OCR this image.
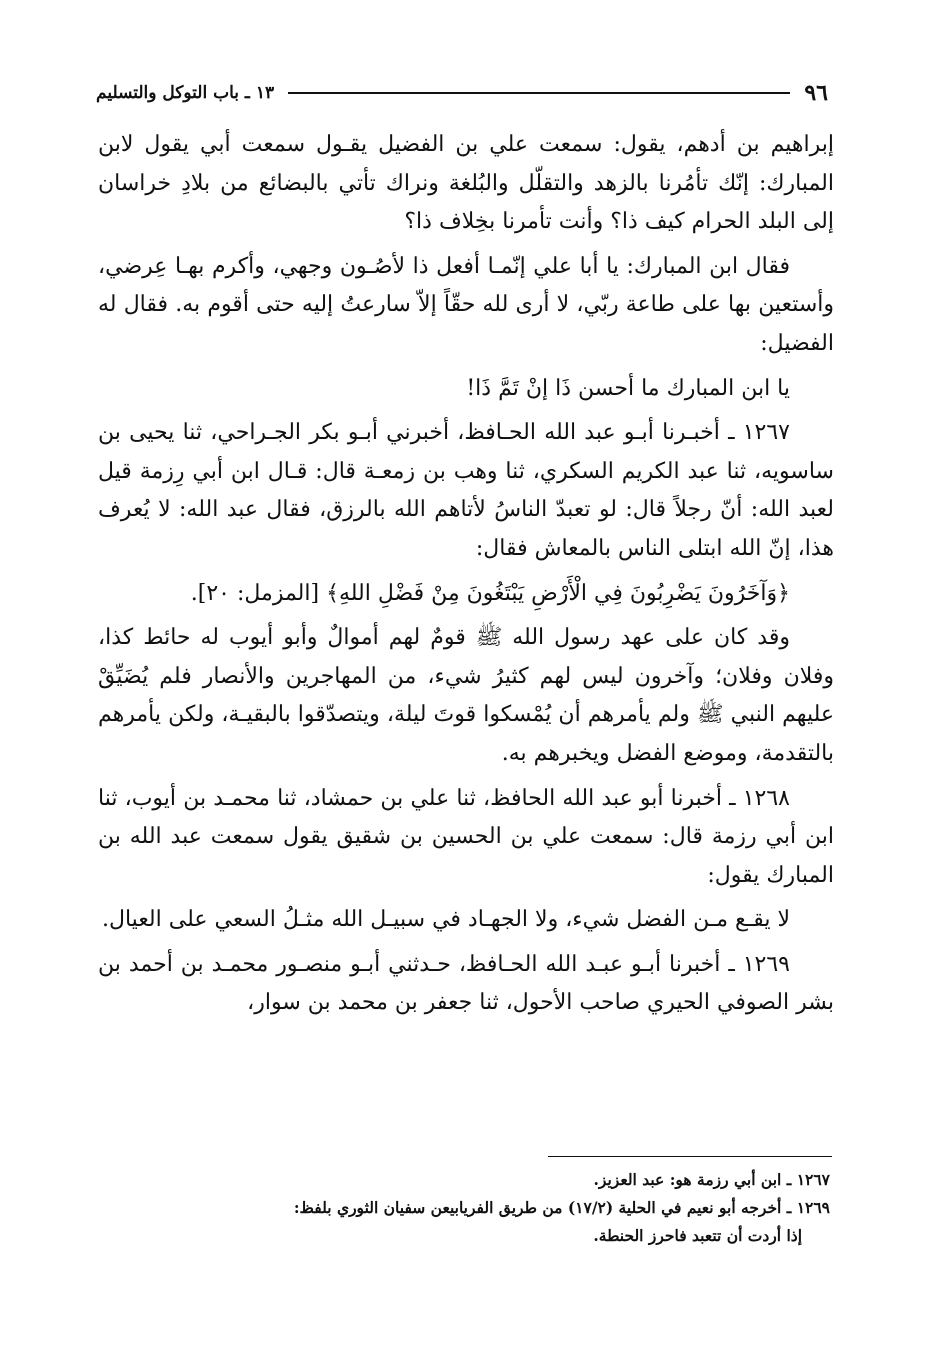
١٣ ـ باب التوكل والتسليم	٩٦

إبراهيم بن أدهم، يقول: سمعت علي بن الفضيل يقـول سمعت أبي يقول لابن المبارك: إنّك تأمُرنا بالزهد والتقلّل والبُلغة ونراك تأتي بالبضائع من بلادِ خراسان إلى البلد الحرام كيف ذا؟ وأنت تأمرنا بخِلاف ذا؟

فقال ابن المبارك: يا أبا علي إنّمـا أفعل ذا لأصُـون وجهي، وأكرم بهـا عِرضي، وأستعين بها على طاعة ربّي، لا أرى لله حقّاً إلاّ سارعتُ إليه حتى أقوم به. فقال له الفضيل:

يا ابن المبارك ما أحسن ذَا إنْ تَمَّ ذَا!

١٢٦٧ ـ أخبـرنا أبـو عبد الله الحـافظ، أخبرني أبـو بكر الجـراحي، ثنا يحيى بن ساسويه، ثنا عبد الكريم السكري، ثنا وهب بن زمعـة قال: قـال ابن أبي رِزمة قيل لعبد الله: أنّ رجلاً قال: لو تعبدّ الناسُ لأتاهم الله بالرزق، فقال عبد الله: لا يُعرف هذا، إنّ الله ابتلى الناس بالمعاش فقال:

﴿وَآخَرُونَ يَضْرِبُونَ فِي الْأَرْضِ يَبْتَغُونَ مِنْ فَضْلِ اللهِ﴾ [المزمل: ٢٠].

وقد كان على عهد رسول الله ﷺ قومٌ لهم أموالٌ وأبو أيوب له حائط كذا، وفلان وفلان؛ وآخرون ليس لهم كثيرُ شيء، من المهاجرين والأنصار فلم يُضَيِّقْ عليهم النبي ﷺ ولم يأمرهم أن يُمْسكوا قوتَ ليلة، ويتصدّقوا بالبقيـة، ولكن يأمرهم بالتقدمة، وموضع الفضل ويخبرهم به.

١٢٦٨ ـ أخبرنا أبو عبد الله الحافظ، ثنا علي بن حمشاد، ثنا محمـد بن أيوب، ثنا ابن أبي رزمة قال: سمعت علي بن الحسين بن شقيق يقول سمعت عبد الله بن المبارك يقول:

لا يقـع مـن الفضل شيء، ولا الجهـاد في سبيـل الله مثـلُ السعي على العيال.

١٢٦٩ ـ أخبرنا أبـو عبـد الله الحـافظ، حـدثني أبـو منصـور محمـد بن أحمد بن بشر الصوفي الحيري صاحب الأحول، ثنا جعفر بن محمد بن سوار،

١٢٦٧ ـ ابن أبي رزمة هو: عبد العزيز.

١٢٦٩ ـ أخرجه أبو نعيم في الحلية (١٧/٢) من طريق الفريابيعن سفيان الثوري بلفظ:

إذا أردت أن تتعبد فاحرز الحنطة.
